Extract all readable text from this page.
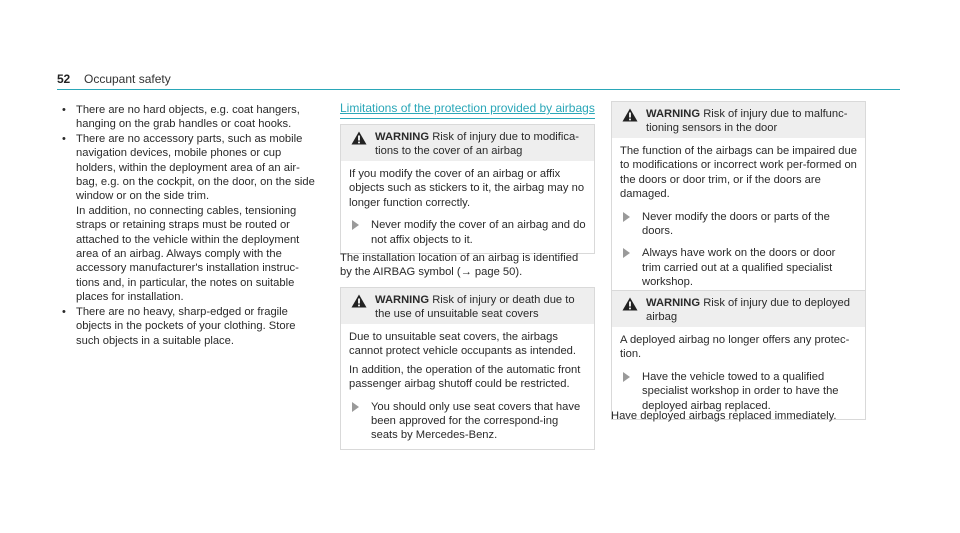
52 Occupant safety
• There are no hard objects, e.g. coat hangers, hanging on the grab handles or coat hooks.

• There are no accessory parts, such as mobile navigation devices, mobile phones or cup holders, within the deployment area of an air-bag, e.g. on the cockpit, on the door, on the side window or on the side trim.

In addition, no connecting cables, tensioning straps or retaining straps must be routed or attached to the vehicle within the deployment area of an airbag. Always comply with the accessory manufacturer's installation instruc-tions and, in particular, the notes on suitable places for installation.

• There are no heavy, sharp-edged or fragile objects in the pockets of your clothing. Store such objects in a suitable place.

Limitations of the protection provided by airbags
WARNING Risk of injury due to modifica-tions to the cover of an airbag

If you modify the cover of an airbag or affix objects such as stickers to it, the airbag may no longer function correctly.

Never modify the cover of an airbag and do not affix objects to it.
The installation location of an airbag is identified by the AIRBAG symbol (→ page 50).
WARNING Risk of injury or death due to the use of unsuitable seat covers

Due to unsuitable seat covers, the airbags cannot protect vehicle occupants as intended.

In addition, the operation of the automatic front passenger airbag shutoff could be restricted.

You should only use seat covers that have been approved for the correspond-ing seats by Mercedes-Benz.
WARNING Risk of injury due to malfunc-tioning sensors in the door

The function of the airbags can be impaired due to modifications or incorrect work per-formed on the doors or door trim, or if the doors are damaged.

Never modify the doors or parts of the doors.
Always have work on the doors or door trim carried out at a qualified specialist workshop.
WARNING Risk of injury due to deployed airbag

A deployed airbag no longer offers any protec-tion.

Have the vehicle towed to a qualified specialist workshop in order to have the deployed airbag replaced.
Have deployed airbags replaced immediately.
